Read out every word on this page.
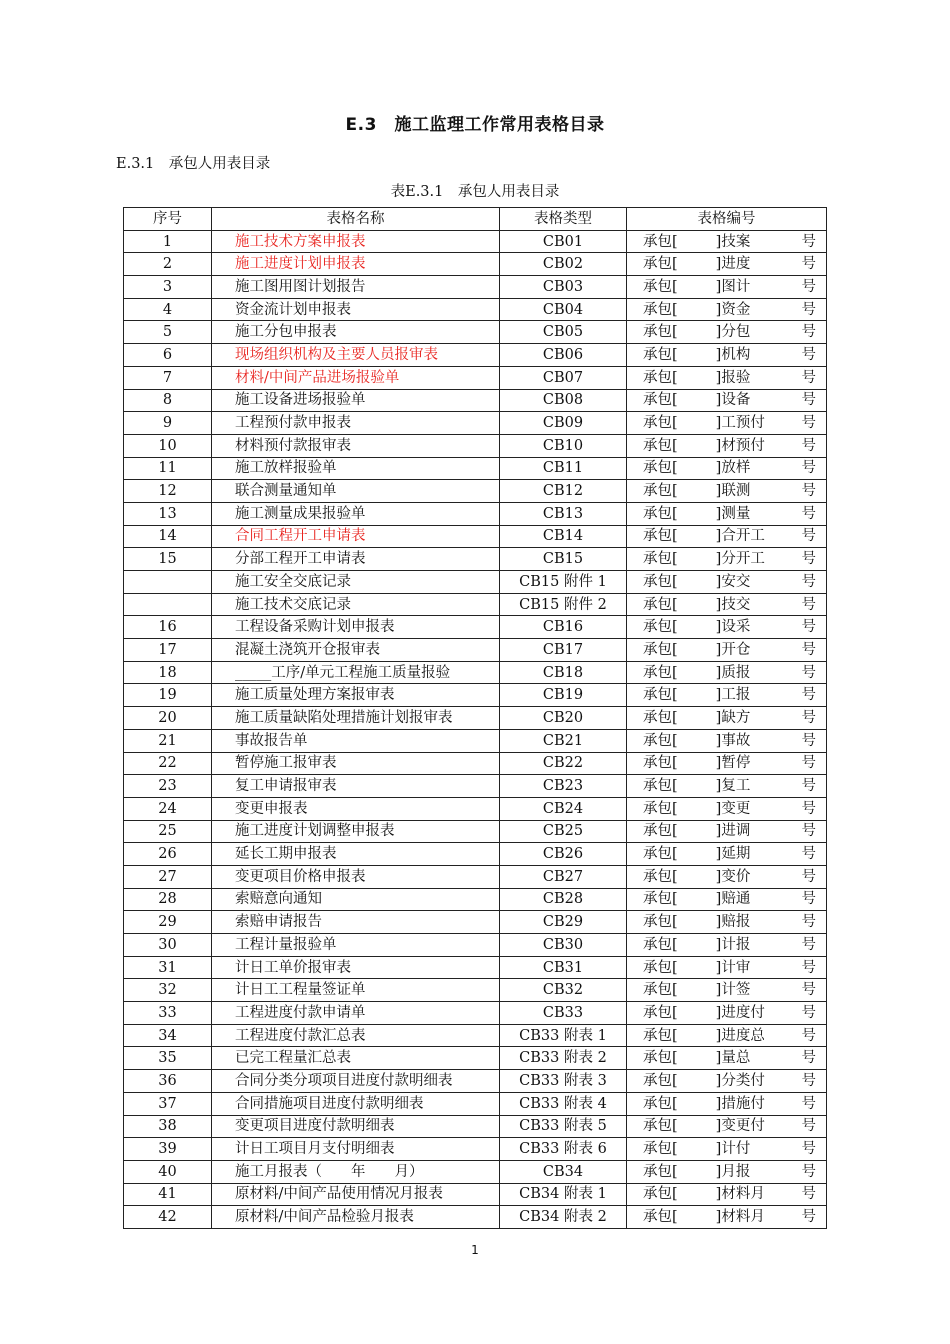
E.3　施工监理工作常用表格目录
E.3.1　承包人用表目录
表E.3.1　承包人用表目录
序号	表格名称	表格类型	表格编号
1	施工技术方案申报表	CB01	承包[ ]技案 号

2	施工进度计划申报表	CB02	承包[ ]进度 号

3	施工图用图计划报告	CB03	承包[ ]图计 号

4	资金流计划申报表	CB04	承包[ ]资金 号

5	施工分包申报表	CB05	承包[ ]分包 号

6	现场组织机构及主要人员报审表	CB06	承包[ ]机构 号

7	材料/中间产品进场报验单	CB07	承包[ ]报验 号

8	施工设备进场报验单	CB08	承包[ ]设备 号

9	工程预付款申报表	CB09	承包[ ]工预付 号

10	材料预付款报审表	CB10	承包[ ]材预付 号

11	施工放样报验单	CB11	承包[ ]放样 号

12	联合测量通知单	CB12	承包[ ]联测 号

13	施工测量成果报验单	CB13	承包[ ]测量 号

14	合同工程开工申请表	CB14	承包[ ]合开工 号

15	分部工程开工申请表	CB15	承包[ ]分开工 号

	施工安全交底记录	CB15 附件 1	承包[ ]安交 号

	施工技术交底记录	CB15 附件 2	承包[ ]技交 号

16	工程设备采购计划申报表	CB16	承包[ ]设采 号

17	混凝土浇筑开仓报审表	CB17	承包[ ]开仓 号

18	_____工序/单元工程施工质量报验	CB18	承包[ ]质报 号

19	施工质量处理方案报审表	CB19	承包[ ]工报 号

20	施工质量缺陷处理措施计划报审表	CB20	承包[ ]缺方 号

21	事故报告单	CB21	承包[ ]事故 号

22	暂停施工报审表	CB22	承包[ ]暂停 号

23	复工申请报审表	CB23	承包[ ]复工 号

24	变更申报表	CB24	承包[ ]变更 号

25	施工进度计划调整申报表	CB25	承包[ ]进调 号

26	延长工期申报表	CB26	承包[ ]延期 号

27	变更项目价格申报表	CB27	承包[ ]变价 号

28	索赔意向通知	CB28	承包[ ]赔通 号

29	索赔申请报告	CB29	承包[ ]赔报 号

30	工程计量报验单	CB30	承包[ ]计报 号

31	计日工单价报审表	CB31	承包[ ]计审 号

32	计日工工程量签证单	CB32	承包[ ]计签 号

33	工程进度付款申请单	CB33	承包[ ]进度付 号

34	工程进度付款汇总表	CB33 附表 1	承包[ ]进度总 号

35	已完工程量汇总表	CB33 附表 2	承包[ ]量总 号

36	合同分类分项项目进度付款明细表	CB33 附表 3	承包[ ]分类付 号

37	合同措施项目进度付款明细表	CB33 附表 4	承包[ ]措施付 号

38	变更项目进度付款明细表	CB33 附表 5	承包[ ]变更付 号

39	计日工项目月支付明细表	CB33 附表 6	承包[ ]计付 号

40	施工月报表（　　年　　月）	CB34	承包[ ]月报 号

41	原材料/中间产品使用情况月报表	CB34 附表 1	承包[ ]材料月 号

42	原材料/中间产品检验月报表	CB34 附表 2	承包[ ]材料月 号
1
